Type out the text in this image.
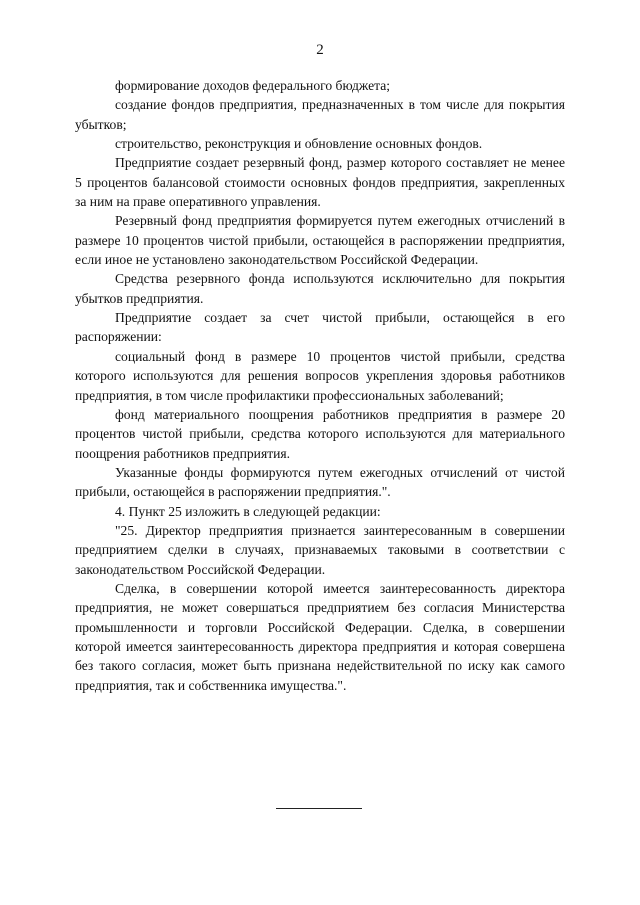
2

формирование доходов федерального бюджета;

создание фондов предприятия, предназначенных в том числе для покрытия убытков;

строительство, реконструкция и обновление основных фондов.

Предприятие создает резервный фонд, размер которого составляет не менее 5 процентов балансовой стоимости основных фондов предприятия, закрепленных за ним на праве оперативного управления.

Резервный фонд предприятия формируется путем ежегодных отчислений в размере 10 процентов чистой прибыли, остающейся в распоряжении предприятия, если иное не установлено законодательством Российской Федерации.

Средства резервного фонда используются исключительно для покрытия убытков предприятия.

Предприятие создает за счет чистой прибыли, остающейся в его распоряжении:

социальный фонд в размере 10 процентов чистой прибыли, средства которого используются для решения вопросов укрепления здоровья работников предприятия, в том числе профилактики профессиональных заболеваний;

фонд материального поощрения работников предприятия в размере 20 процентов чистой прибыли, средства которого используются для материального поощрения работников предприятия.

Указанные фонды формируются путем ежегодных отчислений от чистой прибыли, остающейся в распоряжении предприятия.".

4. Пункт 25 изложить в следующей редакции:

"25. Директор предприятия признается заинтересованным в совершении предприятием сделки в случаях, признаваемых таковыми в соответствии с законодательством Российской Федерации.

Сделка, в совершении которой имеется заинтересованность директора предприятия, не может совершаться предприятием без согласия Министерства промышленности и торговли Российской Федерации. Сделка, в совершении которой имеется заинтересованность директора предприятия и которая совершена без такого согласия, может быть признана недействительной по иску как самого предприятия, так и собственника имущества.".
